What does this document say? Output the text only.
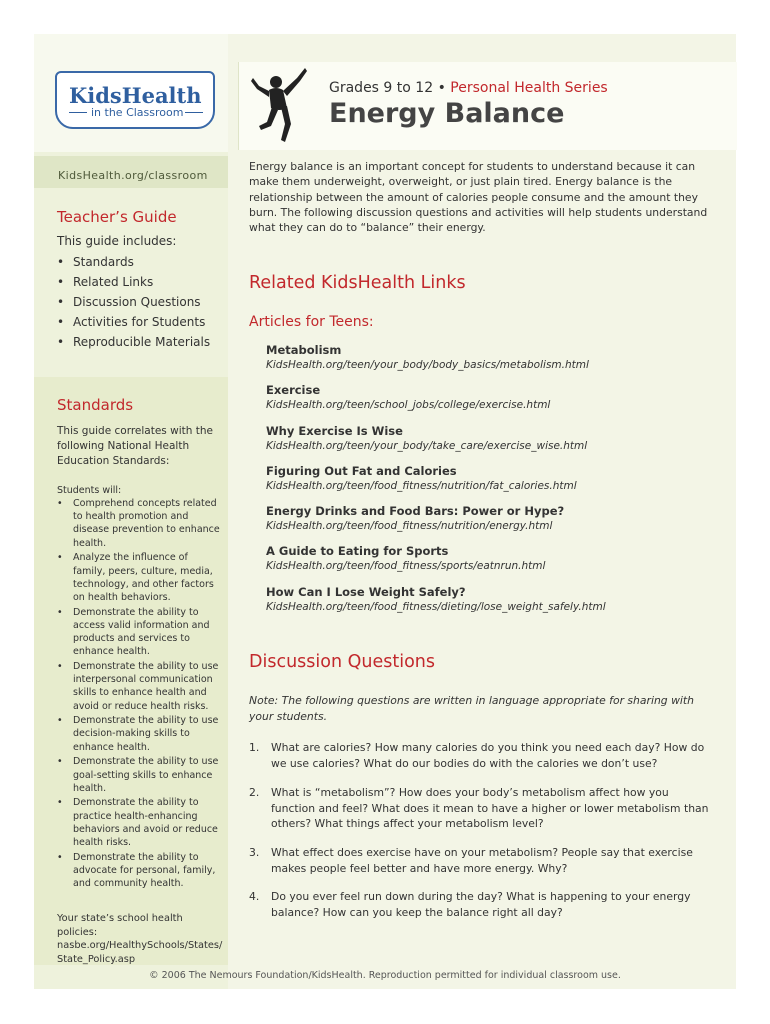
KidsHealth
in the Classroom
KidsHealth.org/classroom
Teacher’s Guide

This guide includes:

• Standards
• Related Links
• Discussion Questions
• Activities for Students
• Reproducible Materials
Standards

This guide correlates with the following National Health Education Standards:

Students will:

• Comprehend concepts related to health promotion and disease prevention to enhance health.
• Analyze the influence of family, peers, culture, media, technology, and other factors on health behaviors.
• Demonstrate the ability to access valid information and products and services to enhance health.
• Demonstrate the ability to use interpersonal communication skills to enhance health and avoid or reduce health risks.
• Demonstrate the ability to use decision-making skills to enhance health.
• Demonstrate the ability to use goal-setting skills to enhance health.
• Demonstrate the ability to practice health-enhancing behaviors and avoid or reduce health risks.
• Demonstrate the ability to advocate for personal, family, and community health.
Your state’s school health policies: nasbe.org/HealthySchools/States/ State_Policy.asp
Grades 9 to 12 • Personal Health Series
Energy Balance
Energy balance is an important concept for students to understand because it can make them underweight, overweight, or just plain tired. Energy balance is the relationship between the amount of calories people consume and the amount they burn. The following discussion questions and activities will help students understand what they can do to “balance” their energy.
Related KidsHealth Links
Articles for Teens:

Metabolism

KidsHealth.org/teen/your_body/body_basics/metabolism.html

Exercise

KidsHealth.org/teen/school_jobs/college/exercise.html

Why Exercise Is Wise

KidsHealth.org/teen/your_body/take_care/exercise_wise.html

Figuring Out Fat and Calories

KidsHealth.org/teen/food_fitness/nutrition/fat_calories.html

Energy Drinks and Food Bars: Power or Hype?

KidsHealth.org/teen/food_fitness/nutrition/energy.html

A Guide to Eating for Sports

KidsHealth.org/teen/food_fitness/sports/eatnrun.html

How Can I Lose Weight Safely?

KidsHealth.org/teen/food_fitness/dieting/lose_weight_safely.html

Discussion Questions
Note: The following questions are written in language appropriate for sharing with your students.
1. What are calories? How many calories do you think you need each day? How do we use calories? What do our bodies do with the calories we don’t use?
2. What is “metabolism”? How does your body’s metabolism affect how you function and feel? What does it mean to have a higher or lower metabolism than others? What things affect your metabolism level?
3. What effect does exercise have on your metabolism? People say that exercise makes people feel better and have more energy. Why?
4. Do you ever feel run down during the day? What is happening to your energy balance? How can you keep the balance right all day?
© 2006 The Nemours Foundation/KidsHealth. Reproduction permitted for individual classroom use.
